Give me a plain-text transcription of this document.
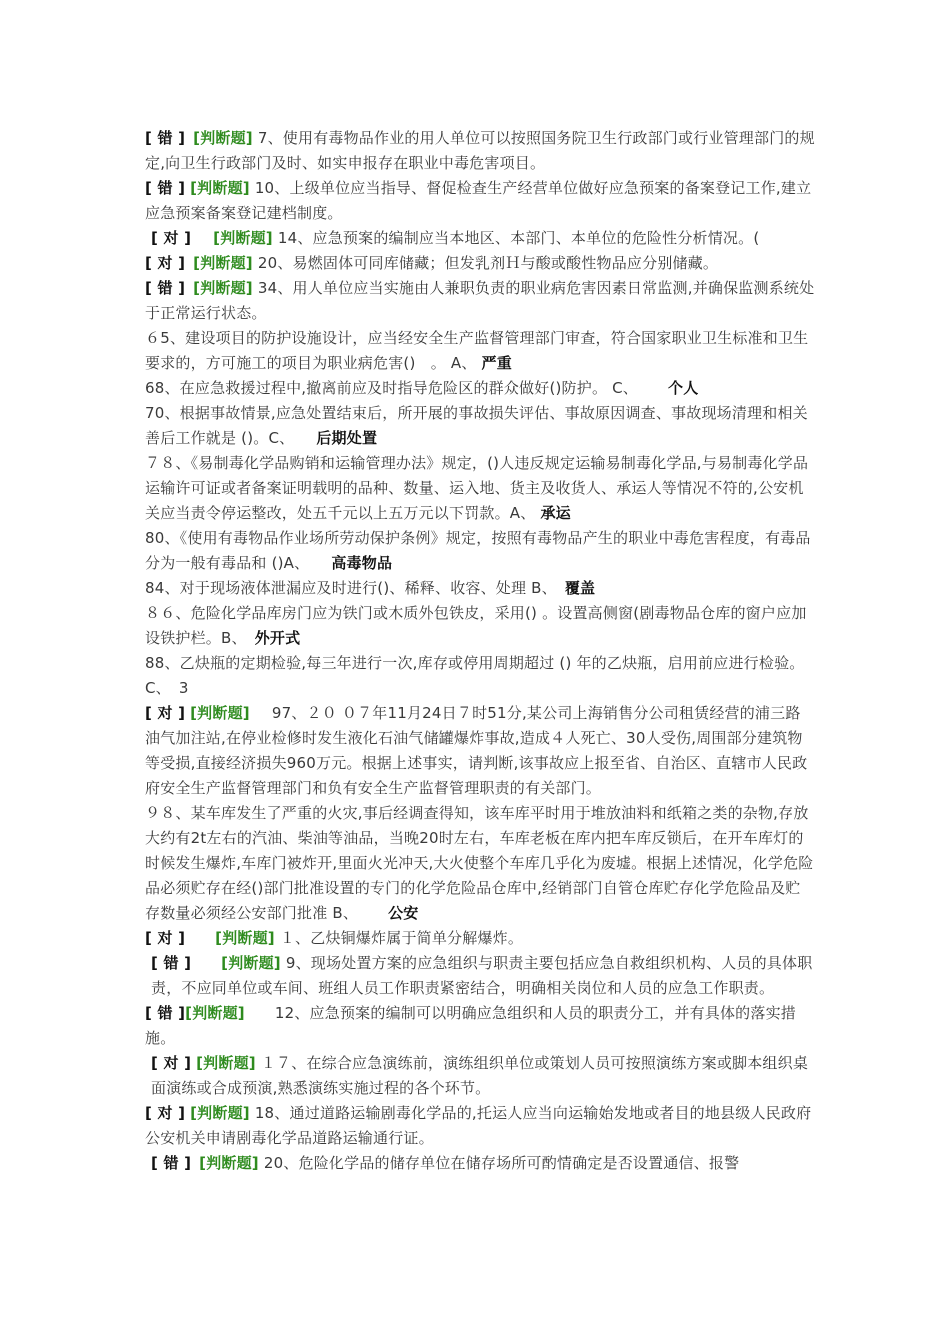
[ 错 ] [判断题] 7、使用有毒物品作业的用人单位可以按照国务院卫生行政部门或行业管理部门的规定,向卫生行政部门及时、如实申报存在职业中毒危害项目。
[ 错 ] [判断题] 10、上级单位应当指导、督促检查生产经营单位做好应急预案的备案登记工作,建立应急预案备案登记建档制度。
[ 对 ] [判断题] 14、应急预案的编制应当本地区、本部门、本单位的危险性分析情况。(
[ 对 ] [判断题] 20、易燃固体可同库储藏；但发乳剂Ｈ与酸或酸性物品应分别储藏。
[ 错 ] [判断题] 34、用人单位应当实施由人兼职负责的职业病危害因素日常监测,并确保监测系统处于正常运行状态。
６5、建设项目的防护设施设计，应当经安全生产监督管理部门审查，符合国家职业卫生标准和卫生要求的，方可施工的项目为职业病危害()　。 A、 严重
68、在应急救援过程中,撤离前应及时指导危险区的群众做好()防护。 C、 个人
70、根据事故情景,应急处置结束后，所开展的事故损失评估、事故原因调查、事故现场清理和相关善后工作就是 ()。C、 后期处置
７８、《易制毒化学品购销和运输管理办法》规定，()人违反规定运输易制毒化学品,与易制毒化学品运输许可证或者备案证明载明的品种、数量、运入地、货主及收货人、承运人等情况不符的,公安机关应当责令停运整改，处五千元以上五万元以下罚款。A、 承运
80、《使用有毒物品作业场所劳动保护条例》规定，按照有毒物品产生的职业中毒危害程度，有毒品分为一般有毒品和 ()A、 高毒物品
84、对于现场液体泄漏应及时进行()、稀释、收容、处理 B、 覆盖
８６、危险化学品库房门应为铁门或木质外包铁皮，采用() 。设置高侧窗(剧毒物品仓库的窗户应加设铁护栏。B、 外开式
88、乙炔瓶的定期检验,每三年进行一次,库存或停用周期超过 () 年的乙炔瓶，启用前应进行检验。 C、 3
[ 对 ] [判断题] 97、２０ ０７年11月24日７时51分,某公司上海销售分公司租赁经营的浦三路油气加注站,在停业检修时发生液化石油气储罐爆炸事故,造成４人死亡、30人受伤,周围部分建筑物等受损,直接经济损失960万元。根据上述事实，请判断,该事故应上报至省、自治区、直辖市人民政府安全生产监督管理部门和负有安全生产监督管理职责的有关部门。
９８、某车库发生了严重的火灾,事后经调查得知，该车库平时用于堆放油料和纸箱之类的杂物,存放大约有2t左右的汽油、柴油等油品，当晚20时左右，车库老板在库内把车库反锁后，在开车库灯的时候发生爆炸,车库门被炸开,里面火光冲天,大火使整个车库几乎化为废墟。根据上述情况，化学危险品必须贮存在经()部门批准设置的专门的化学危险品仓库中,经销部门自管仓库贮存化学危险品及贮存数量必须经公安部门批准 B、 公安
[ 对 ] [判断题] １、乙炔铜爆炸属于简单分解爆炸。
[ 错 ] [判断题] 9、现场处置方案的应急组织与职责主要包括应急自救组织机构、人员的具体职责，不应同单位或车间、班组人员工作职责紧密结合，明确相关岗位和人员的应急工作职责。
[ 错 ][判断题] 12、应急预案的编制可以明确应急组织和人员的职责分工，并有具体的落实措施。
[ 对 ] [判断题] １７、在综合应急演练前，演练组织单位或策划人员可按照演练方案或脚本组织桌面演练或合成预演,熟悉演练实施过程的各个环节。
[ 对 ] [判断题] 18、通过道路运输剧毒化学品的,托运人应当向运输始发地或者目的地县级人民政府公安机关申请剧毒化学品道路运输通行证。
[ 错 ] [判断题] 20、危险化学品的储存单位在储存场所可酌情确定是否设置通信、报警
